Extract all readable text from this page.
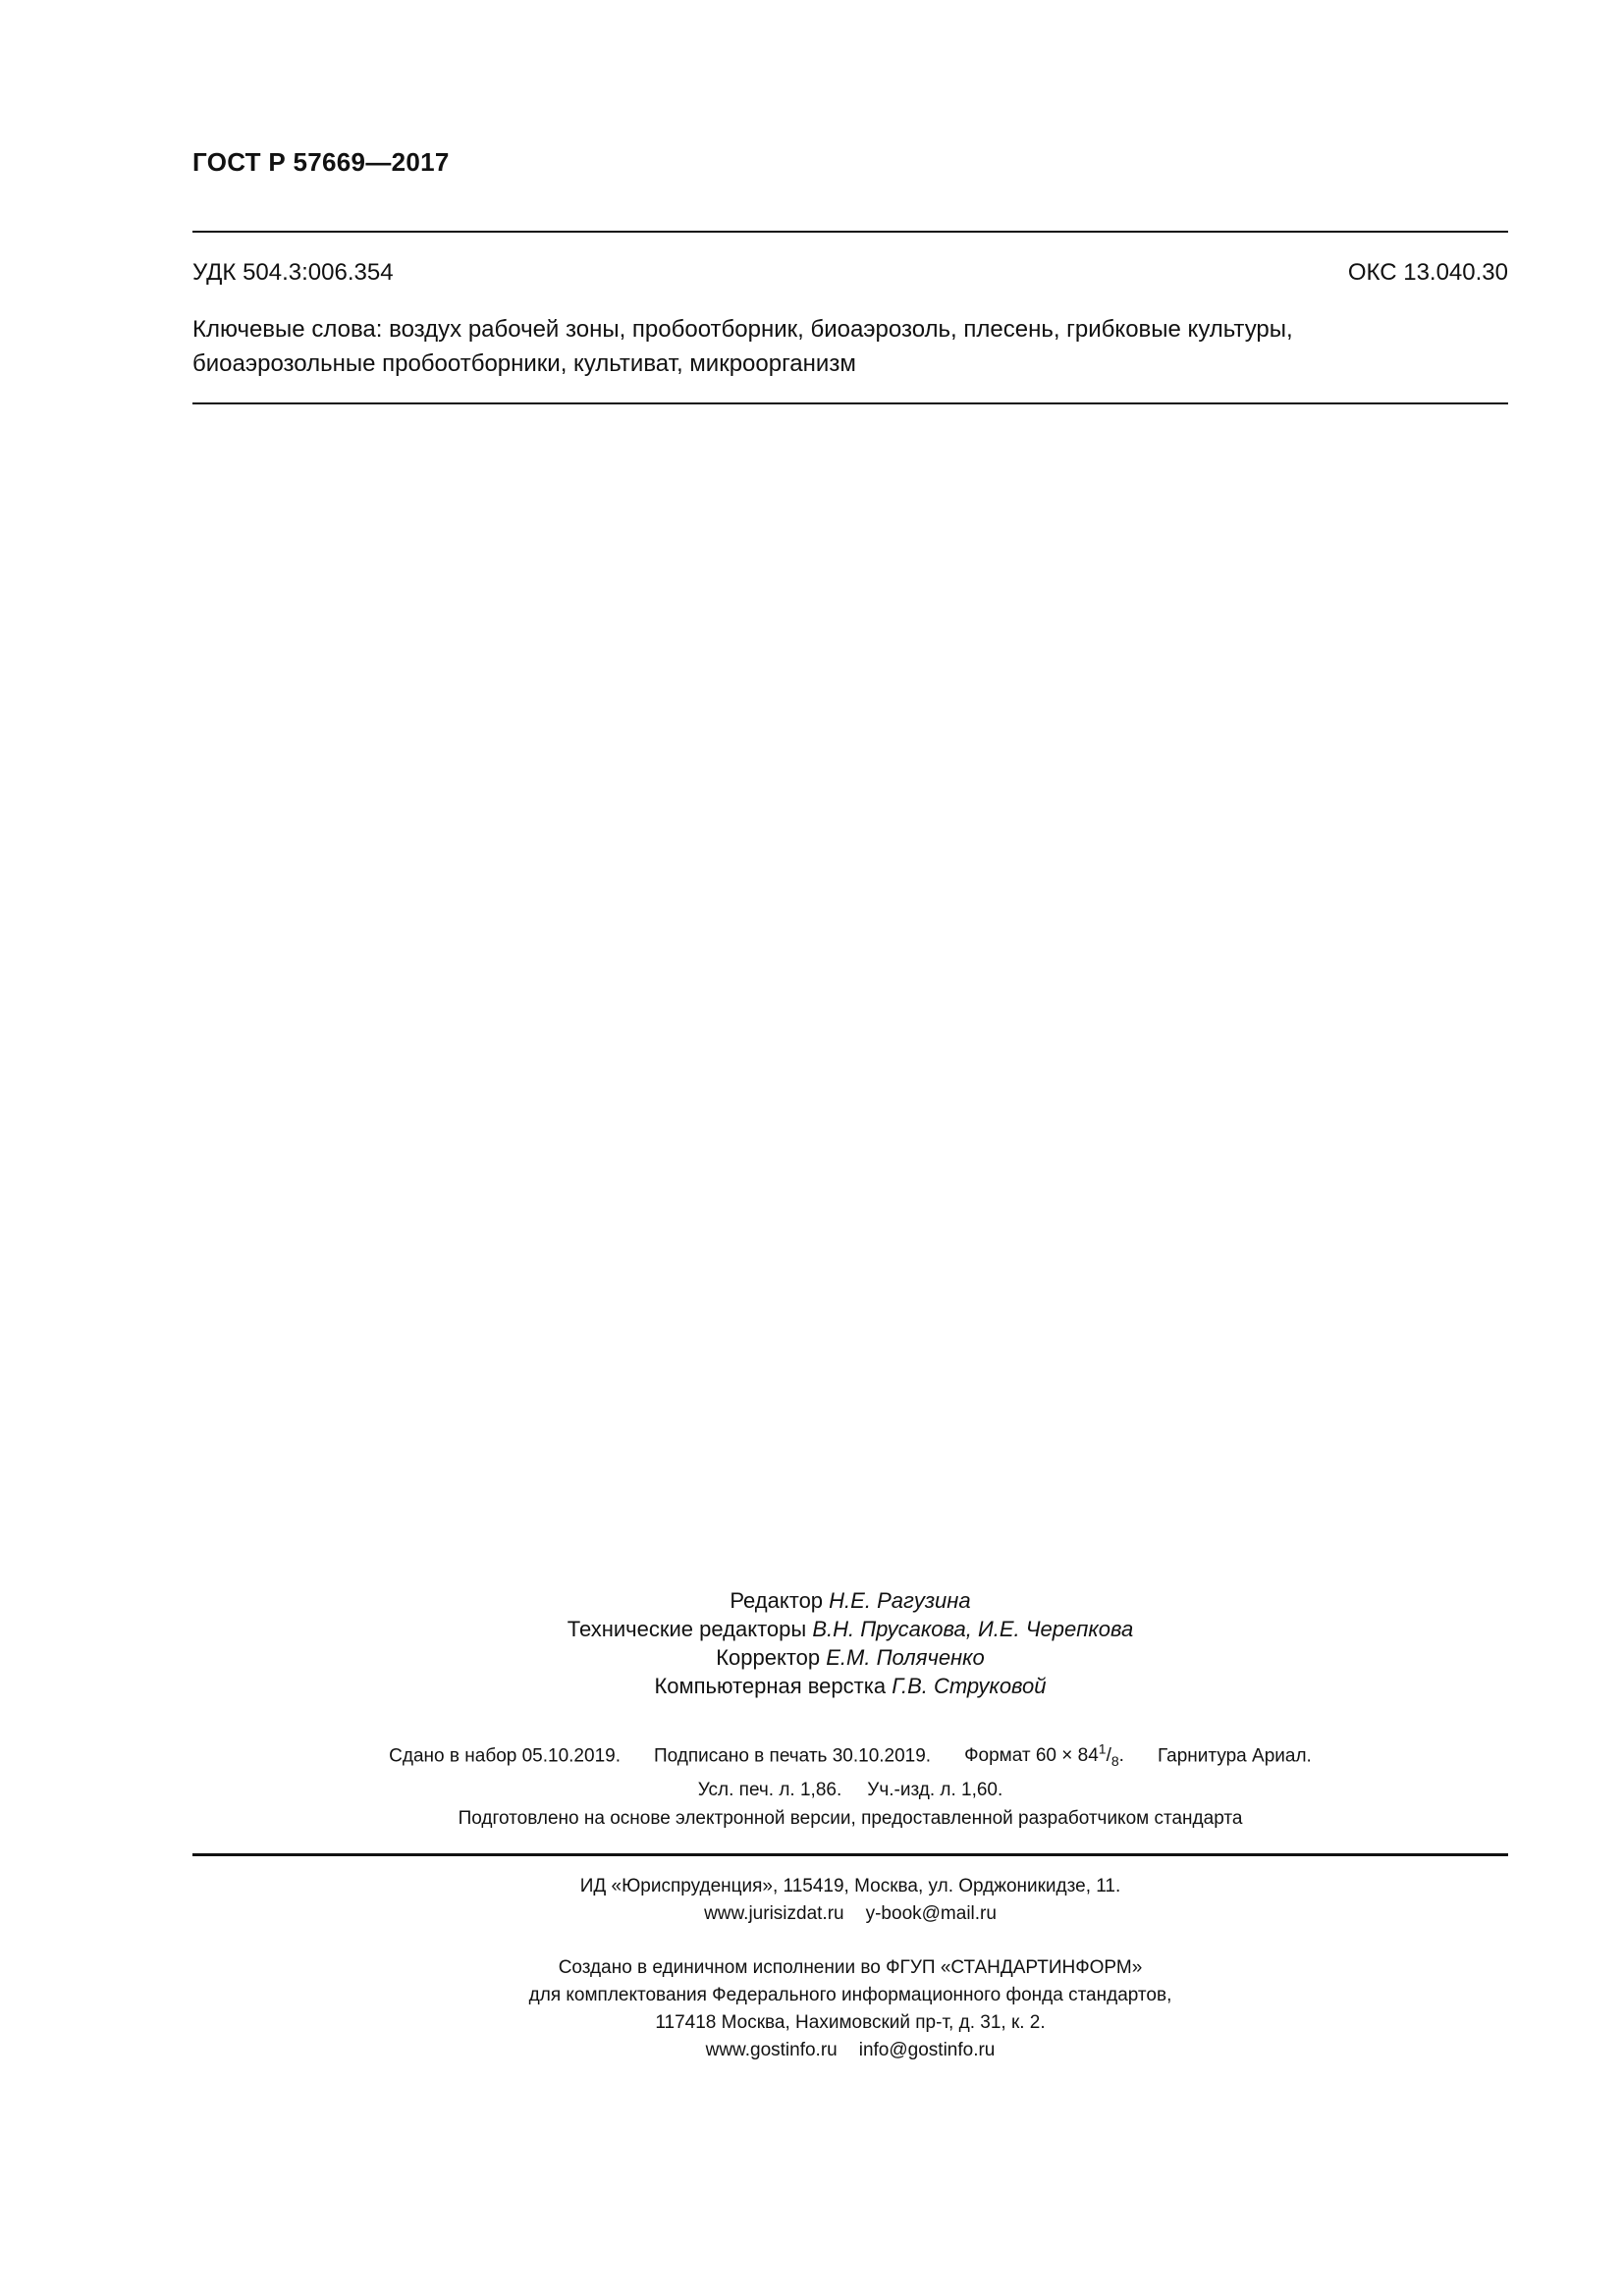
ГОСТ Р 57669—2017
УДК 504.3:006.354	ОКС 13.040.30

Ключевые слова: воздух рабочей зоны, пробоотборник, биоаэрозоль, плесень, грибковые культуры,

биоаэрозольные пробоотборники, культиват, микроорганизм

Редактор Н.Е. Рагузина
Технические редакторы В.Н. Прусакова, И.Е. Черепкова
Корректор Е.М. Поляченко
Компьютерная верстка Г.В. Струковой
Сдано в набор 05.10.2019. Подписано в печать 30.10.2019. Формат $60 \times 84^1/_8$. Гарнитура Ариал.
Усл. печ. л. 1,86. Уч.-изд. л. 1,60.
Подготовлено на основе электронной версии, предоставленной разработчиком стандарта
ИД «Юриспруденция», 115419, Москва, ул. Орджоникидзе, 11.
www.jurisizdat.ru y-book@mail.ru
Создано в единичном исполнении во ФГУП «СТАНДАРТИНФОРМ»
для комплектования Федерального информационного фонда стандартов,
117418 Москва, Нахимовский пр-т, д. 31, к. 2.
www.gostinfo.ru info@gostinfo.ru
